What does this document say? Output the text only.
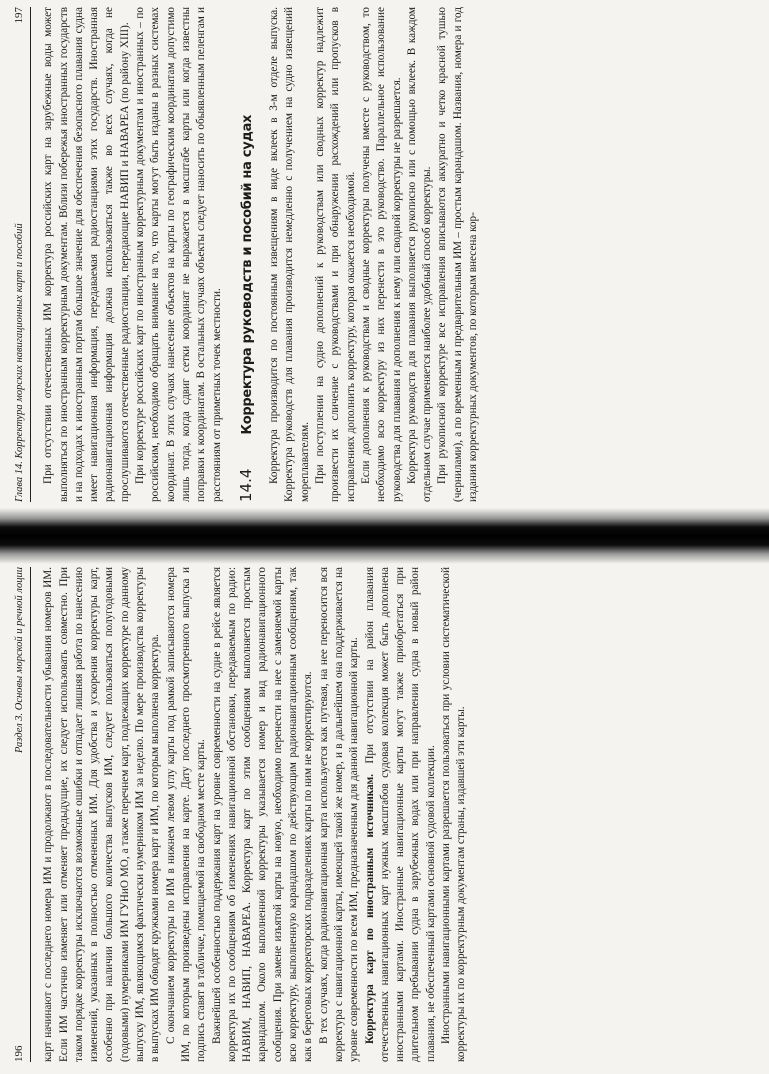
Глава 14. Корректура морских навигационных карт и пособий
197 При отсутствии отечественных ИМ корректура российских карт на зарубежные воды может выполняться по иностранным корректурным документам. Вблизи побережья иностранных государств и на подходах к иностранным портам большое значение для обеспечения безопасного плавания судна имеет навигационная информация, передаваемая радиостанциями этих государств. Иностранная радионавигационная информация должна использоваться также во всех случаях, когда не прослушиваются отечественные радиостанции, передающие НАВИП и НАВАРЕА (по району XIII). При корректуре российских карт по иностранным корректурным документам и иностранных – по российским, необходимо обращать внимание на то, что карты могут быть изданы в разных системах координат. В этих случаях нанесение объектов на карты по географическим координатам допустимо лишь тогда, когда сдвиг сетки координат не выражается в масштабе карты или когда известны поправки к координатам. В остальных случаях объекты следует наносить по обыявленным пеленгам и расстояниям от приметных точек местности. 14.4
Корректура руководств и пособий на судах Корректура производится по постоянным извещениям в виде вклеек в 3-м отделе выпуска. Корректура руководств для плавания производится немедленно с получением на судно извещений мореплавателям. При поступлении на судно дополнений к руководствам или сводных корректур надлежит произвести их сличение с руководствами и при обнаружении расхождений или пропусков в исправлениях дополнить корректуру, которая окажется необходимой. Если дополнения к руководствам и сводные корректуры получены вместе с руководством, то необходимо всю корректуру из них перенести в это руководство. Параллельное использование руководства для плавания и дополнения к нему или сводной корректуры не разрешается. Корректура руководств для плавания выполняется рукописно или с помощью вклеек. В каждом отдельном случае применяется наиболее удобный способ корректуры. При рукописной корректуре все исправления вписываются аккуратно и четко красной тушью (чернилами), а по временным и предварительным ИМ – простым карандашом. Названия, номера и год издания корректурных документов, по которым внесена кор-

196
Раздел 3. Основы морской и речной лоции карт начинают с последнего номера ИМ и продолжают в последовательности убывания номеров ИМ. Если ИМ частично изменяет или отменяет предыдущие, их следует использовать совместно. При таком порядке корректуры исключаются возможные ошибки и отпадает лишняя работа по нанесению изменений, указанных в полностью отмененных ИМ. Для удобства и ускорения корректуры карт, особенно при наличии большого количества выпусков ИМ, следует пользоваться полугодовыми (годовыми) нумерниками ИМ ГУНиО МО, а также перечнем карт, подлежащих корректуре по данному выпуску ИМ, являющимся фактически нумерником ИМ за неделю. По мере производства корректуры в выпусках ИМ обводят кружками номера карт и ИМ, по которым выполнена корректура. С окончанием корректуры по ИМ в нижнем левом углу карты под рамкой записываются номера ИМ, по которым произведены исправления на карте. Дату последнего просмотренного выпуска и подпись ставят в табличке, помещаемой на свободном месте карты. Важнейшей особенностью поддержания карт на уровне современности на судне в рейсе является корректура их по сообщениям об изменениях навигационной обстановки, передаваемым по радио: НАВИМ, НАВИП, НАВАРЕА. Корректура карт по этим сообщениям выполняется простым карандашом. Около выполненной корректуры указывается номер и вид радионавигационного сообщения. При замене изъятой карты на новую, необходимо перенести на нее с заменяемой карты всю корректуру, выполненную карандашом по действующим радионавигационным сообщениям, так как в береговых корректорских подразделениях карты по ним не корректируются. В тех случаях, когда радионавигационная карта используется как путевая, на нее переносится вся корректура с навигационной карты, имеющей такой же номер, и в дальнейшем она поддерживается на уровне современности по всем ИМ, предназначенным для данной навигационной карты. Корректура карт по иностранным источникам. При отсутствии на район плавания отечественных навигационных карт нужных масштабов судовая коллекция может быть дополнена иностранными картами. Иностранные навигационные карты могут также приобретаться при длительном пребывании судна в зарубежных водах или при направлении судна в новый район плавания, не обеспеченный картами основной судовой коллекции. Иностранными навигационными картами разрешается пользоваться при условии систематической корректуры их по корректурным документам страны, издавшей эти карты.
